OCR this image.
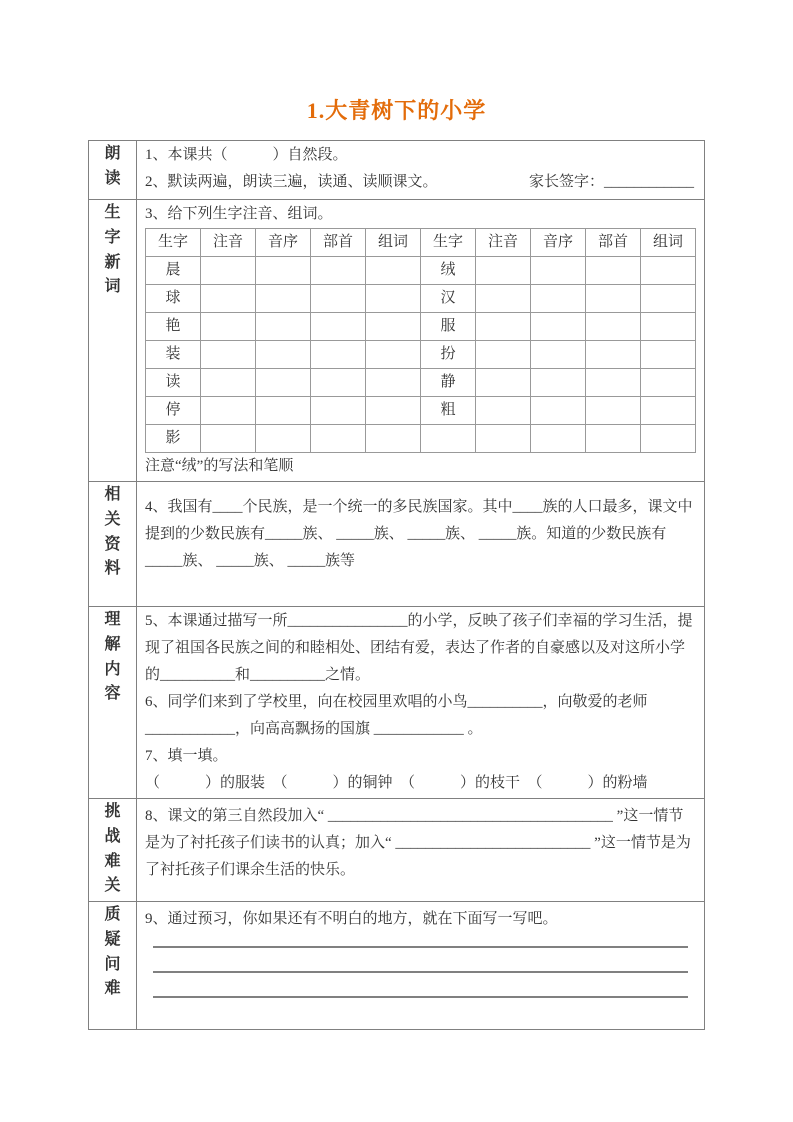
1.大青树下的小学
朗读	

1、本课共（　　　）自然段。

2、默读两遍，朗读三遍，读通、读顺课文。	家长签字：____________

生字新词	

3、给下列生字注音、组词。

生字	注音	音序	部首	组词	生字	注音	音序	部首	组词
晨					绒				
球					汉				
艳					服				
装					扮				
读					静				
停					粗				
影									

注意“绒”的写法和笔顺

相关资料	

4、我国有____个民族，是一个统一的多民族国家。其中____族的人口最多，课文中提到的少数民族有_____族、 _____族、 _____族、 _____族。知道的少数民族有_____族、 _____族、 _____族等

理解内容	

5、本课通过描写一所________________的小学，反映了孩子们幸福的学习生活，提现了祖国各民族之间的和睦相处、团结有爱，表达了作者的自豪感以及对这所小学的__________和__________之情。

6、同学们来到了学校里，向在校园里欢唱的小鸟__________，向敬爱的老师____________，向高高飘扬的国旗 ____________ 。

7、填一填。

（　　　）的服装　（　　　）的铜钟　（　　　）的枝干　（　　　）的粉墙

挑战难关	

8、课文的第三自然段加入“ ______________________________________ ”这一情节是为了衬托孩子们读书的认真；加入“ __________________________ ”这一情节是为了衬托孩子们课余生活的快乐。

质疑问难	

9、通过预习，你如果还有不明白的地方，就在下面写一写吧。
